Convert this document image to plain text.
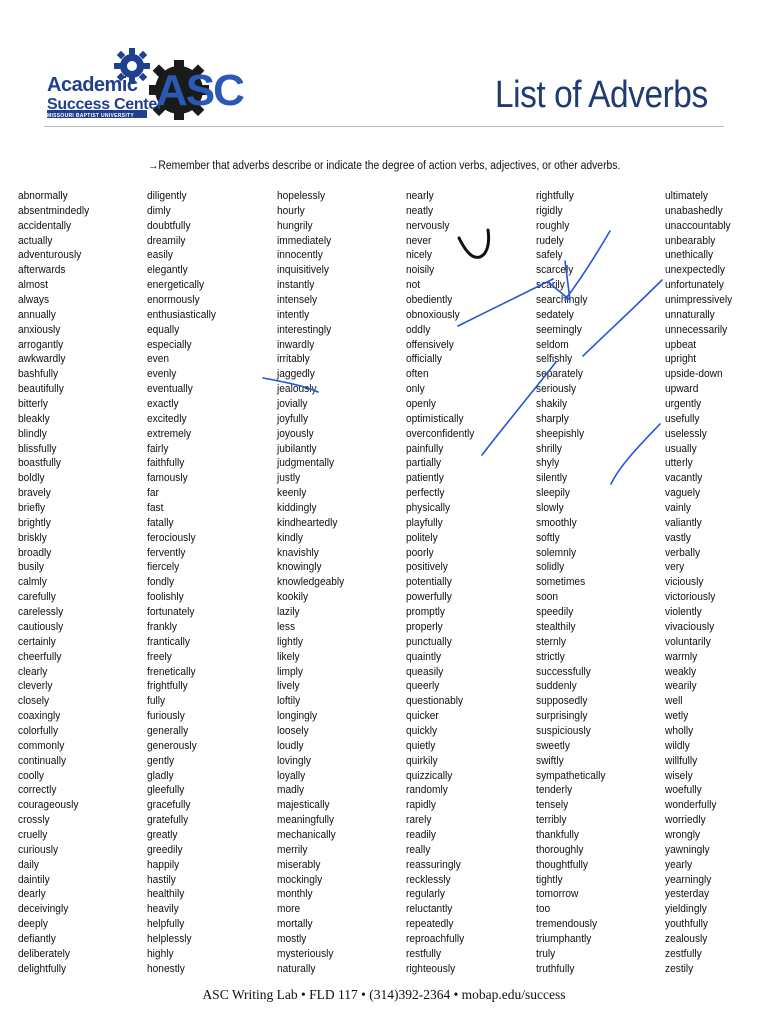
Academic
Success Center
MISSOURI BAPTIST UNIVERSITY
ASC	List of Adverbs
→Remember that adverbs describe or indicate the degree of action verbs, adjectives, or other adverbs.
abnormally
absentmindedly
accidentally
actually
adventurously
afterwards
almost
always
annually
anxiously
arrogantly
awkwardly
bashfully
beautifully
bitterly
bleakly
blindly
blissfully
boastfully
boldly
bravely
briefly
brightly
briskly
broadly
busily
calmly
carefully
carelessly
cautiously
certainly
cheerfully
clearly
cleverly
closely
coaxingly
colorfully
commonly
continually
coolly
correctly
courageously
crossly
cruelly
curiously
daily
daintily
dearly
deceivingly
deeply
defiantly
deliberately
delightfully
diligently
dimly
doubtfully
dreamily
easily
elegantly
energetically
enormously
enthusiastically
equally
especially
even
evenly
eventually
exactly
excitedly
extremely
fairly
faithfully
famously
far
fast
fatally
ferociously
fervently
fiercely
fondly
foolishly
fortunately
frankly
frantically
freely
frenetically
frightfully
fully
furiously
generally
generously
gently
gladly
gleefully
gracefully
gratefully
greatly
greedily
happily
hastily
healthily
heavily
helpfully
helplessly
highly
honestly
hopelessly
hourly
hungrily
immediately
innocently
inquisitively
instantly
intensely
intently
interestingly
inwardly
irritably
jaggedly
jealously
jovially
joyfully
joyously
jubilantly
judgmentally
justly
keenly
kiddingly
kindheartedly
kindly
knavishly
knowingly
knowledgeably
kookily
lazily
less
lightly
likely
limply
lively
loftily
longingly
loosely
loudly
lovingly
loyally
madly
majestically
meaningfully
mechanically
merrily
miserably
mockingly
monthly
more
mortally
mostly
mysteriously
naturally
nearly
neatly
nervously
never
nicely
noisily
not
obediently
obnoxiously
oddly
offensively
officially
often
only
openly
optimistically
overconfidently
painfully
partially
patiently
perfectly
physically
playfully
politely
poorly
positively
potentially
powerfully
promptly
properly
punctually
quaintly
queasily
queerly
questionably
quicker
quickly
quietly
quirkily
quizzically
randomly
rapidly
rarely
readily
really
reassuringly
recklessly
regularly
reluctantly
repeatedly
reproachfully
restfully
righteously
rightfully
rigidly
roughly
rudely
safely
scarcely
scarily
searchingly
sedately
seemingly
seldom
selfishly
separately
seriously
shakily
sharply
sheepishly
shrilly
shyly
silently
sleepily
slowly
smoothly
softly
solemnly
solidly
sometimes
soon
speedily
stealthily
sternly
strictly
successfully
suddenly
supposedly
surprisingly
suspiciously
sweetly
swiftly
sympathetically
tenderly
tensely
terribly
thankfully
thoroughly
thoughtfully
tightly
tomorrow
too
tremendously
triumphantly
truly
truthfully
ultimately
unabashedly
unaccountably
unbearably
unethically
unexpectedly
unfortunately
unimpressively
unnaturally
unnecessarily
upbeat
upright
upside-down
upward
urgently
usefully
uselessly
usually
utterly
vacantly
vaguely
vainly
valiantly
vastly
verbally
very
viciously
victoriously
violently
vivaciously
voluntarily
warmly
weakly
wearily
well
wetly
wholly
wildly
willfully
wisely
woefully
wonderfully
worriedly
wrongly
yawningly
yearly
yearningly
yesterday
yieldingly
youthfully
zealously
zestfully
zestily
ASC Writing Lab • FLD 117 • (314)392-2364 • mobap.edu/success
